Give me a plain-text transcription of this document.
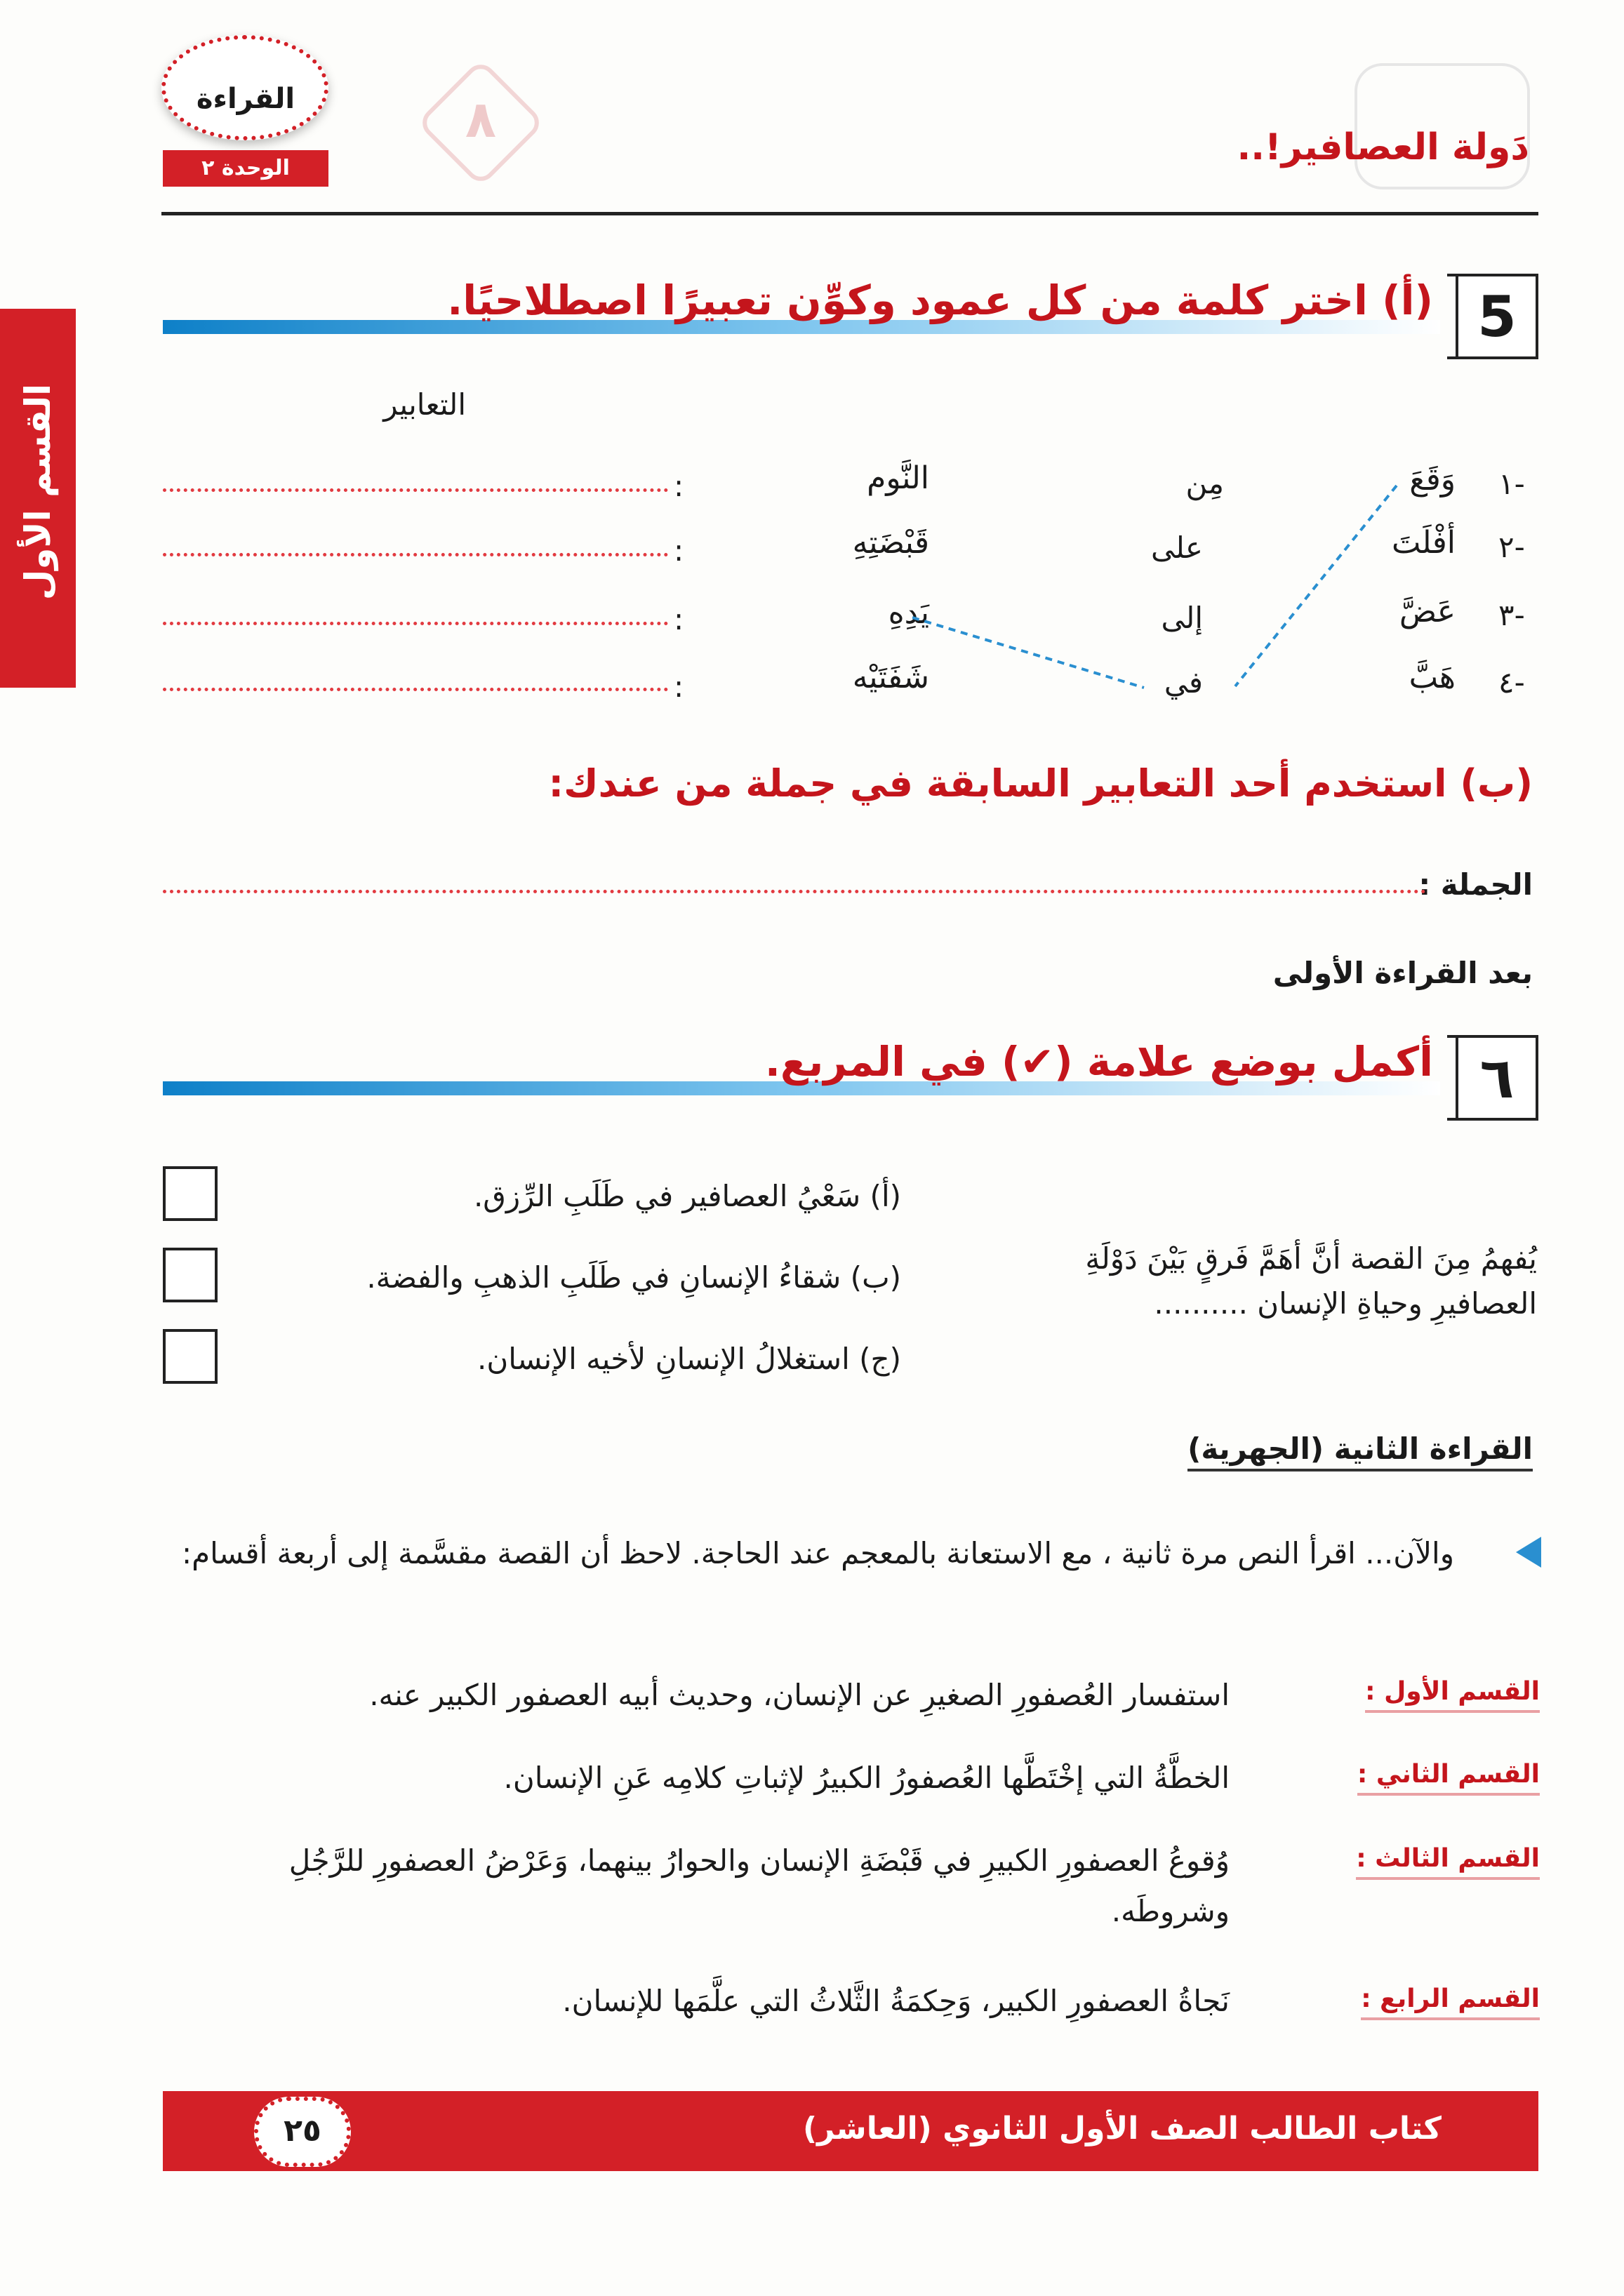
٨
القراءة
الوحدة ٢	دَولة العصافير!..
القسم الأول
5
(أ) اختر كلمة من كل عمود وكوِّن تعبيرًا اصطلاحيًا.
التعابير
١-
وَقَعَ
مِن
النَّوم
:
٢-
أفْلَتَ
على
قَبْضَتِهِ
:
٣-
عَضَّ
إلى
يَدِهِ
:
٤-
هَبَّ
في
شَفَتَيْه
:
(ب) استخدم أحد التعابير السابقة في جملة من عندك:
الجملة :
بعد القراءة الأولى
٦
أكمل بوضع علامة (✔) في المربع.
يُفهمُ مِنَ القصة أنَّ أهَمَّ فَرقٍ بَيْنَ دَوْلَةِ العصافيرِ وحياةِ الإنسان ..........
(أ) سَعْيُ العصافير في طَلَبِ الرِّزق.
(ب) شقاءُ الإنسانِ في طَلَبِ الذهبِ والفضة.
(ج) استغلالُ الإنسانِ لأخيه الإنسان.
القراءة الثانية (الجهرية)
والآن... اقرأ النص مرة ثانية ، مع الاستعانة بالمعجم عند الحاجة. لاحظ أن القصة مقسَّمة إلى أربعة أقسام:
القسم الأول :
استفسار العُصفورِ الصغيرِ عن الإنسان، وحديث أبيه العصفور الكبير عنه.
القسم الثاني :
الخطَّةُ التي إخْتَطَّها العُصفورُ الكبيرُ لإثباتِ كلامِه عَنِ الإنسان.
القسم الثالث :
وُقوعُ العصفورِ الكبيرِ في قَبْضَةِ الإنسان والحوارُ بينهما، وَعَرْضُ العصفورِ للرَّجُلِ وشروطَه.
القسم الرابع :
نَجاةُ العصفورِ الكبير، وَحِكمَةُ الثَّلاثُ التي علَّمَها للإنسان.
كتاب الطالب الصف الأول الثانوي (العاشر)
٢٥
